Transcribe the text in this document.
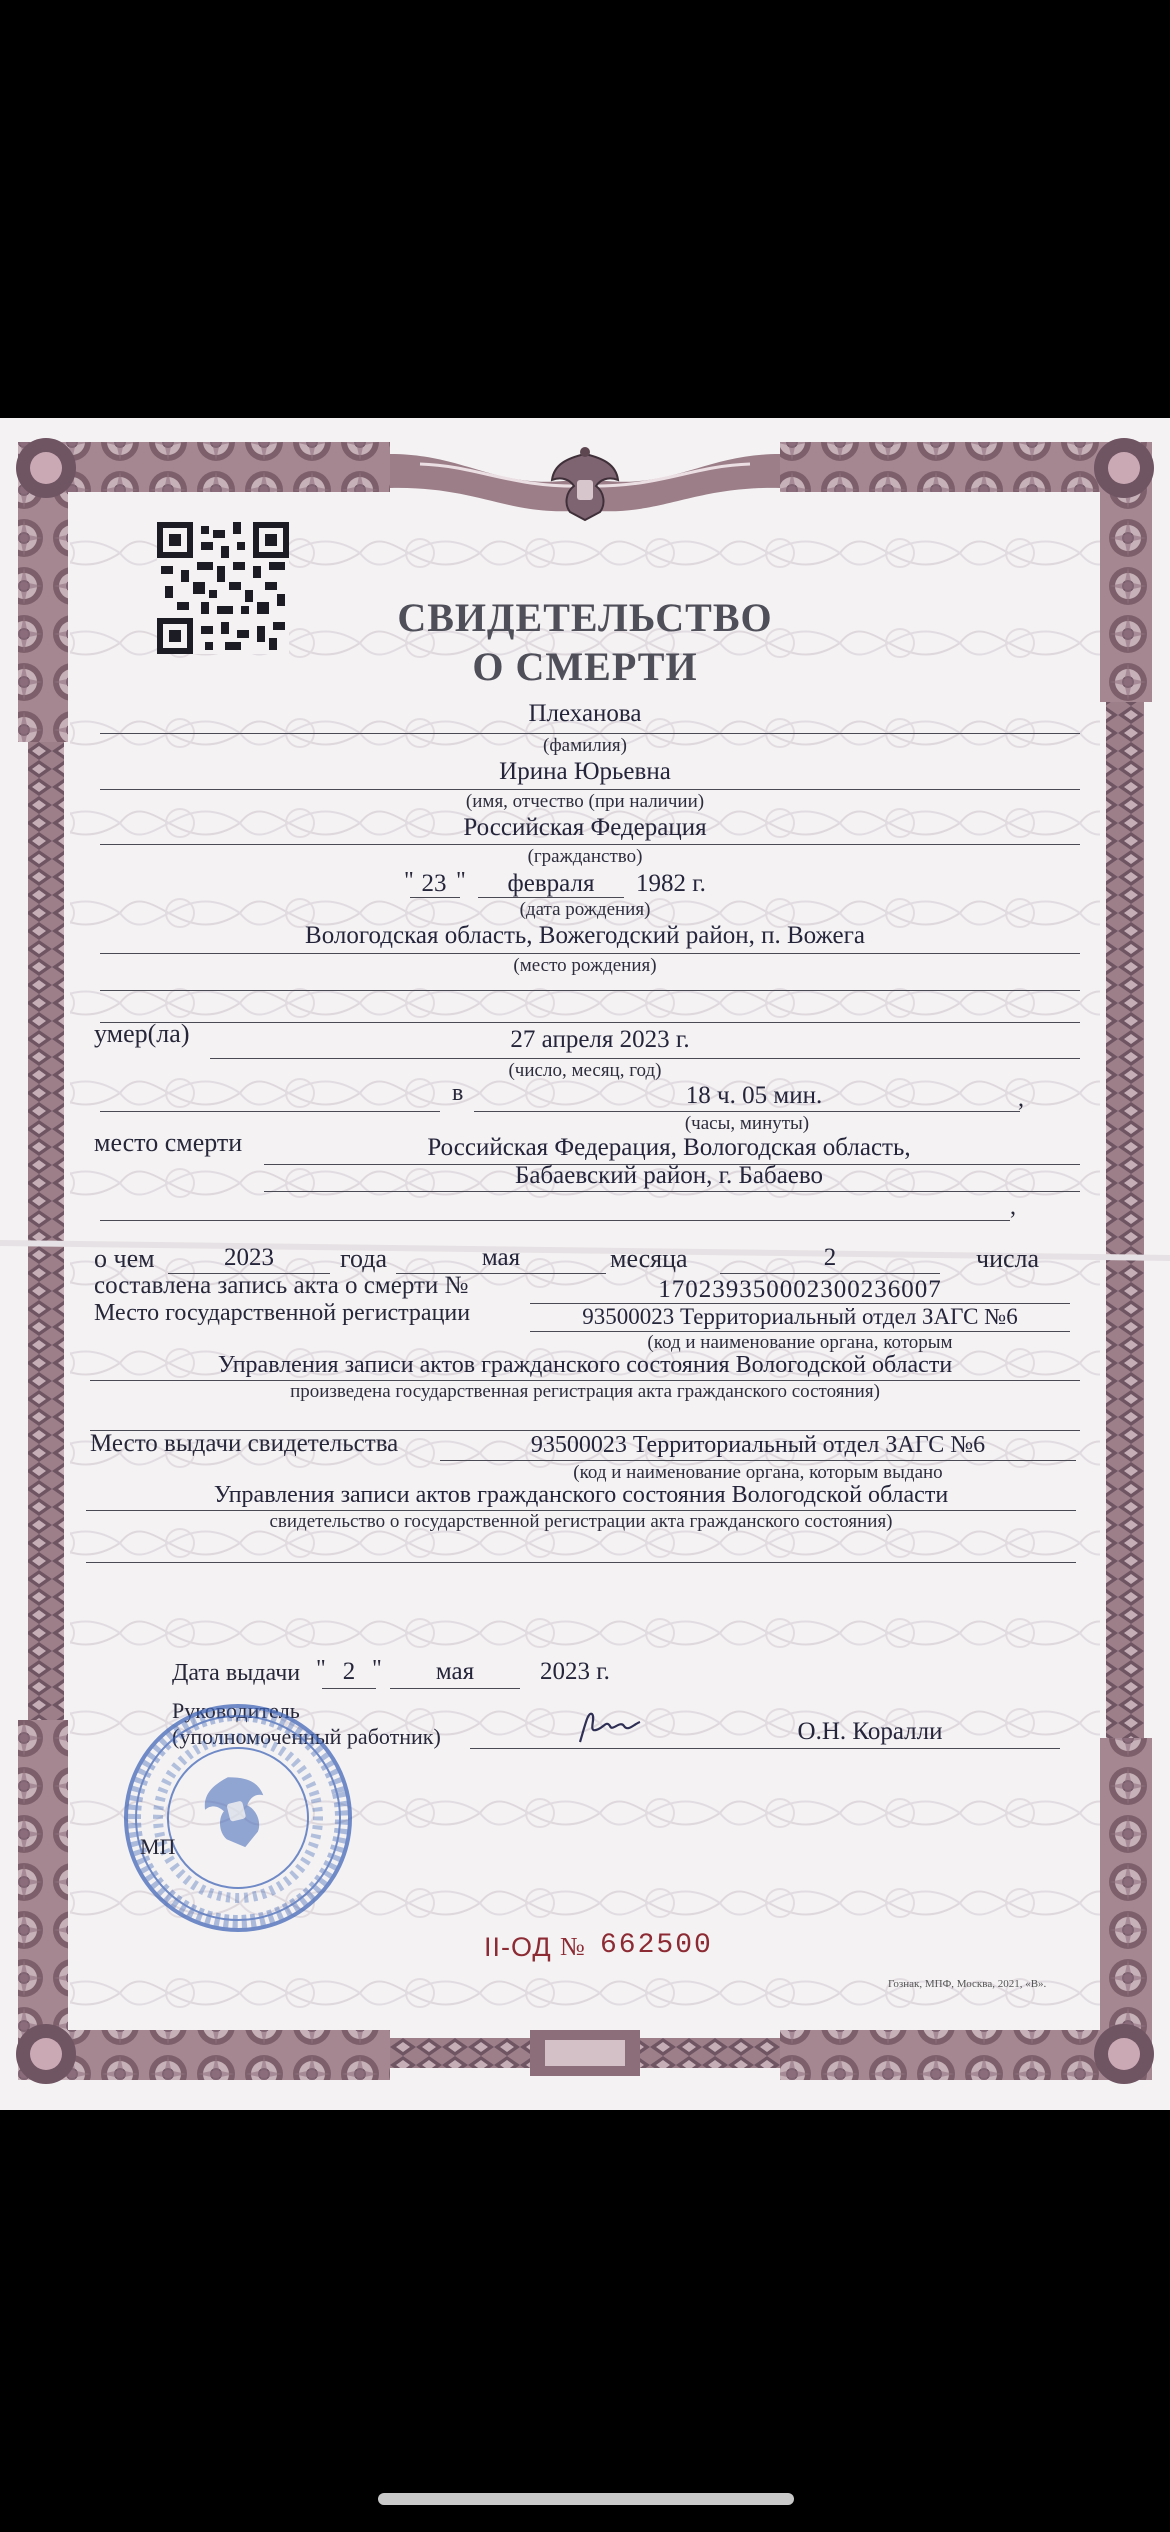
СВИДЕТЕЛЬСТВО
О СМЕРТИ
Плеханова
(фамилия)
Ирина Юрьевна
(имя, отчество (при наличии)
Российская Федерация
(гражданство)
" 23 "	февраля	1982 г.
(дата рождения)
Вологодская область, Вожегодский район, п. Вожега
(место рождения)
умер(ла)	27 апреля 2023 г.
(число, месяц, год)
в	18 ч. 05 мин.	,
(часы, минуты)
место смерти	Российская Федерация, Вологодская область,
Бабаевский район, г. Бабаево
,
о чем	2023	года	мая	месяца	2	числа
составлена запись акта о смерти №	170239350002300236007
Место государственной регистрации	93500023 Территориальный отдел ЗАГС №6
(код и наименование органа, которым
Управления записи актов гражданского состояния Вологодской области
произведена государственная регистрация акта гражданского состояния)
Место выдачи свидетельства	93500023 Территориальный отдел ЗАГС №6
(код и наименование органа, которым выдано
Управления записи актов гражданского состояния Вологодской области
свидетельство о государственной регистрации акта гражданского состояния)
Дата выдачи " 2 "	мая	2023 г.
Руководитель
(уполномоченный работник)	О.Н. Коралли
МП
II-ОД № 662500
Гознак, МПФ, Москва, 2021, «В».
